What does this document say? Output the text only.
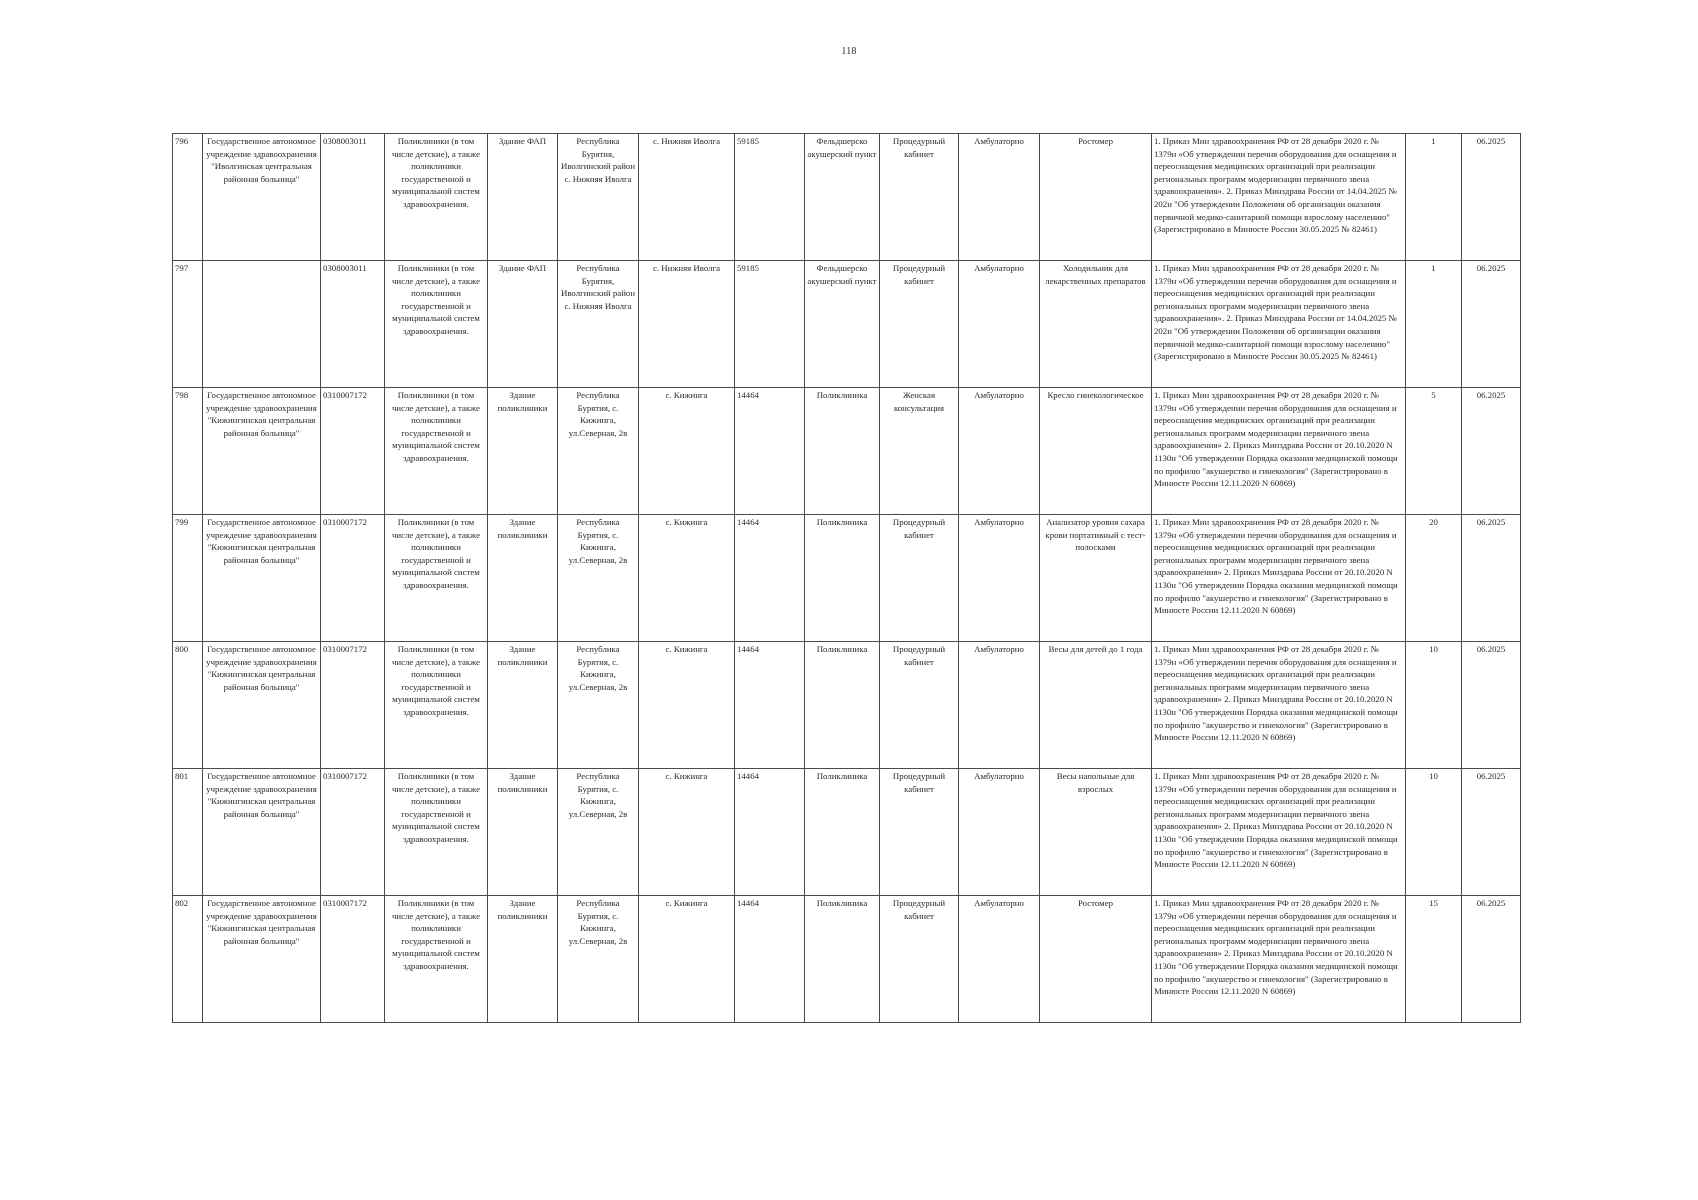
118
796	Государственное автономное учреждение здравоохранения "Иволгинская центральная районная больница"	0308003011	Поликлиники (в том числе детские), а также поликлиники государственной и муниципальной систем здравоохранения.	Здание ФАП	Республика Бурятия, Иволгинский район с. Нижняя Иволга	с. Нижняя Иволга	59185	Фельдшерско акушерский пункт	Процедурный кабинет	Амбулаторно	Ростомер	1. Приказ Мин здравоохранения РФ от 28 декабря 2020 г. № 1379н «Об утверждении перечня оборудования для оснащения и переоснащения медицинских организаций при реализации региональных программ модернизации первичного звена здравоохранения». 2. Приказ Минздрава России от 14.04.2025 № 202н "Об утверждении Положения об организации оказания первичной медико-санитарной помощи взрослому населению" (Зарегистрировано в Минюсте России 30.05.2025 № 82461)	1	06.2025
797		0308003011	Поликлиники (в том числе детские), а также поликлиники государственной и муниципальной систем здравоохранения.	Здание ФАП	Республика Бурятия, Иволгинский район с. Нижняя Иволга	с. Нижняя Иволга	59185	Фельдшерско акушерский пункт	Процедурный кабинет	Амбулаторно	Холодильник для лекарственных препаратов	1. Приказ Мин здравоохранения РФ от 28 декабря 2020 г. № 1379н «Об утверждении перечня оборудования для оснащения и переоснащения медицинских организаций при реализации региональных программ модернизации первичного звена здравоохранения». 2. Приказ Минздрава России от 14.04.2025 № 202н "Об утверждении Положения об организации оказания первичной медико-санитарной помощи взрослому населению" (Зарегистрировано в Минюсте России 30.05.2025 № 82461)	1	06.2025
798	Государственное автономное учреждение здравоохранения "Кижингинская центральная районная больница"	0310007172	Поликлиники (в том числе детские), а также поликлиники государственной и муниципальной систем здравоохранения.	Здание поликлиники	Республика Бурятия, с. Кижинга, ул.Северная, 2в	с. Кижинга	14464	Поликлиника	Женская консультация	Амбулаторно	Кресло гинекологическое	1. Приказ Мин здравоохранения РФ от 28 декабря 2020 г. № 1379н «Об утверждении перечня оборудования для оснащения и переоснащения медицинских организаций при реализации региональных программ модернизации первичного звена здравоохранения» 2. Приказ Минздрава России от 20.10.2020 N 1130н "Об утверждении Порядка оказания медицинской помощи по профилю "акушерство и гинекология" (Зарегистрировано в Минюсте России 12.11.2020 N 60869)	5	06.2025
799	Государственное автономное учреждение здравоохранения "Кижингинская центральная районная больница"	0310007172	Поликлиники (в том числе детские), а также поликлиники государственной и муниципальной систем здравоохранения.	Здание поликлиники	Республика Бурятия, с. Кижинга, ул.Северная, 2в	с. Кижинга	14464	Поликлиника	Процедурный кабинет	Амбулаторно	Анализатор уровня сахара крови портативный с тест-полосками	1. Приказ Мин здравоохранения РФ от 28 декабря 2020 г. № 1379н «Об утверждении перечня оборудования для оснащения и переоснащения медицинских организаций при реализации региональных программ модернизации первичного звена здравоохранения» 2. Приказ Минздрава России от 20.10.2020 N 1130н "Об утверждении Порядка оказания медицинской помощи по профилю "акушерство и гинекология" (Зарегистрировано в Минюсте России 12.11.2020 N 60869)	20	06.2025
800	Государственное автономное учреждение здравоохранения "Кижингинская центральная районная больница"	0310007172	Поликлиники (в том числе детские), а также поликлиники государственной и муниципальной систем здравоохранения.	Здание поликлиники	Республика Бурятия, с. Кижинга, ул.Северная, 2в	с. Кижинга	14464	Поликлиника	Процедурный кабинет	Амбулаторно	Весы для детей до 1 года	1. Приказ Мин здравоохранения РФ от 28 декабря 2020 г. № 1379н «Об утверждении перечня оборудования для оснащения и переоснащения медицинских организаций при реализации региональных программ модернизации первичного звена здравоохранения» 2. Приказ Минздрава России от 20.10.2020 N 1130н "Об утверждении Порядка оказания медицинской помощи по профилю "акушерство и гинекология" (Зарегистрировано в Минюсте России 12.11.2020 N 60869)	10	06.2025
801	Государственное автономное учреждение здравоохранения "Кижингинская центральная районная больница"	0310007172	Поликлиники (в том числе детские), а также поликлиники государственной и муниципальной систем здравоохранения.	Здание поликлиники	Республика Бурятия, с. Кижинга, ул.Северная, 2в	с. Кижинга	14464	Поликлиника	Процедурный кабинет	Амбулаторно	Весы напольные для взрослых	1. Приказ Мин здравоохранения РФ от 28 декабря 2020 г. № 1379н «Об утверждении перечня оборудования для оснащения и переоснащения медицинских организаций при реализации региональных программ модернизации первичного звена здравоохранения» 2. Приказ Минздрава России от 20.10.2020 N 1130н "Об утверждении Порядка оказания медицинской помощи по профилю "акушерство и гинекология" (Зарегистрировано в Минюсте России 12.11.2020 N 60869)	10	06.2025
802	Государственное автономное учреждение здравоохранения "Кижингинская центральная районная больница"	0310007172	Поликлиники (в том числе детские), а также поликлиники государственной и муниципальной систем здравоохранения.	Здание поликлиники	Республика Бурятия, с. Кижинга, ул.Северная, 2в	с. Кижинга	14464	Поликлиника	Процедурный кабинет	Амбулаторно	Ростомер	1. Приказ Мин здравоохранения РФ от 28 декабря 2020 г. № 1379н «Об утверждении перечня оборудования для оснащения и переоснащения медицинских организаций при реализации региональных программ модернизации первичного звена здравоохранения» 2. Приказ Минздрава России от 20.10.2020 N 1130н "Об утверждении Порядка оказания медицинской помощи по профилю "акушерство и гинекология" (Зарегистрировано в Минюсте России 12.11.2020 N 60869)	15	06.2025
